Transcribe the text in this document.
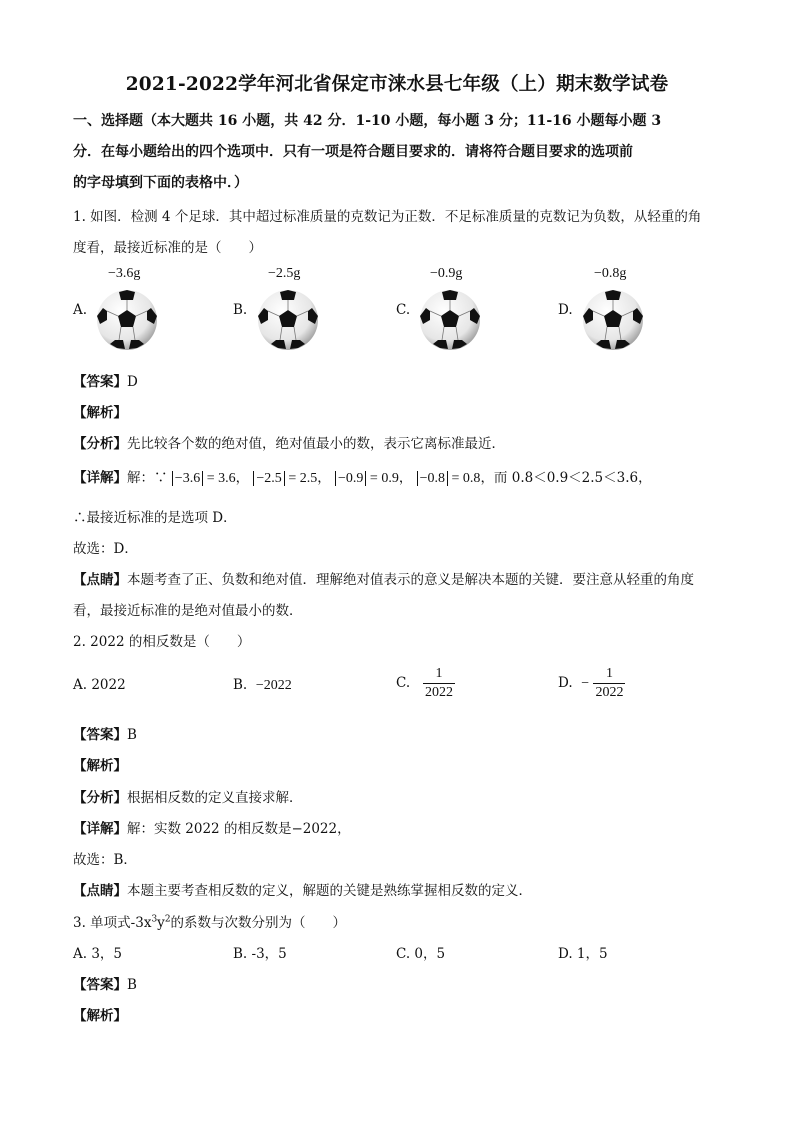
2021-2022学年河北省保定市涞水县七年级（上）期末数学试卷
一、选择题（本大题共 16 小题，共 42 分．1-10 小题，每小题 3 分；11-16 小题每小题 3
分．在每小题给出的四个选项中．只有一项是符合题目要求的．请将符合题目要求的选项前
的字母填到下面的表格中．）
1. 如图．检测 4 个足球．其中超过标准质量的克数记为正数．不足标准质量的克数记为负数，从轻重的角
度看，最接近标准的是（　　）
−3.6g
A.
−2.5g
B.
−0.9g
C.
−0.8g
D.
【答案】D
【解析】
【分析】先比较各个数的绝对值，绝对值最小的数，表示它离标准最近．
【详解】解：∵ −3.6 = 3.6， −2.5 = 2.5， −0.9 = 0.9， −0.8 = 0.8，而 0.8＜0.9＜2.5＜3.6，
∴最接近标准的是选项 D．
故选：D．
【点睛】本题考查了正、负数和绝对值．理解绝对值表示的意义是解决本题的关键．要注意从轻重的角度
看，最接近标准的是绝对值最小的数．
2. 2022 的相反数是（　　）
A. 2022	B. −2022	C. $\frac{1}{2022}$	D. − $\frac{1}{2022}$
【答案】B
【解析】
【分析】根据相反数的定义直接求解．
【详解】解：实数 2022 的相反数是−2022，
故选：B．
【点睛】本题主要考查相反数的定义，解题的关键是熟练掌握相反数的定义．
3. 单项式$-3x^3y^2$的系数与次数分别为（　　）
A. 3，5	B. -3，5	C. 0，5	D. 1，5
【答案】B
【解析】
